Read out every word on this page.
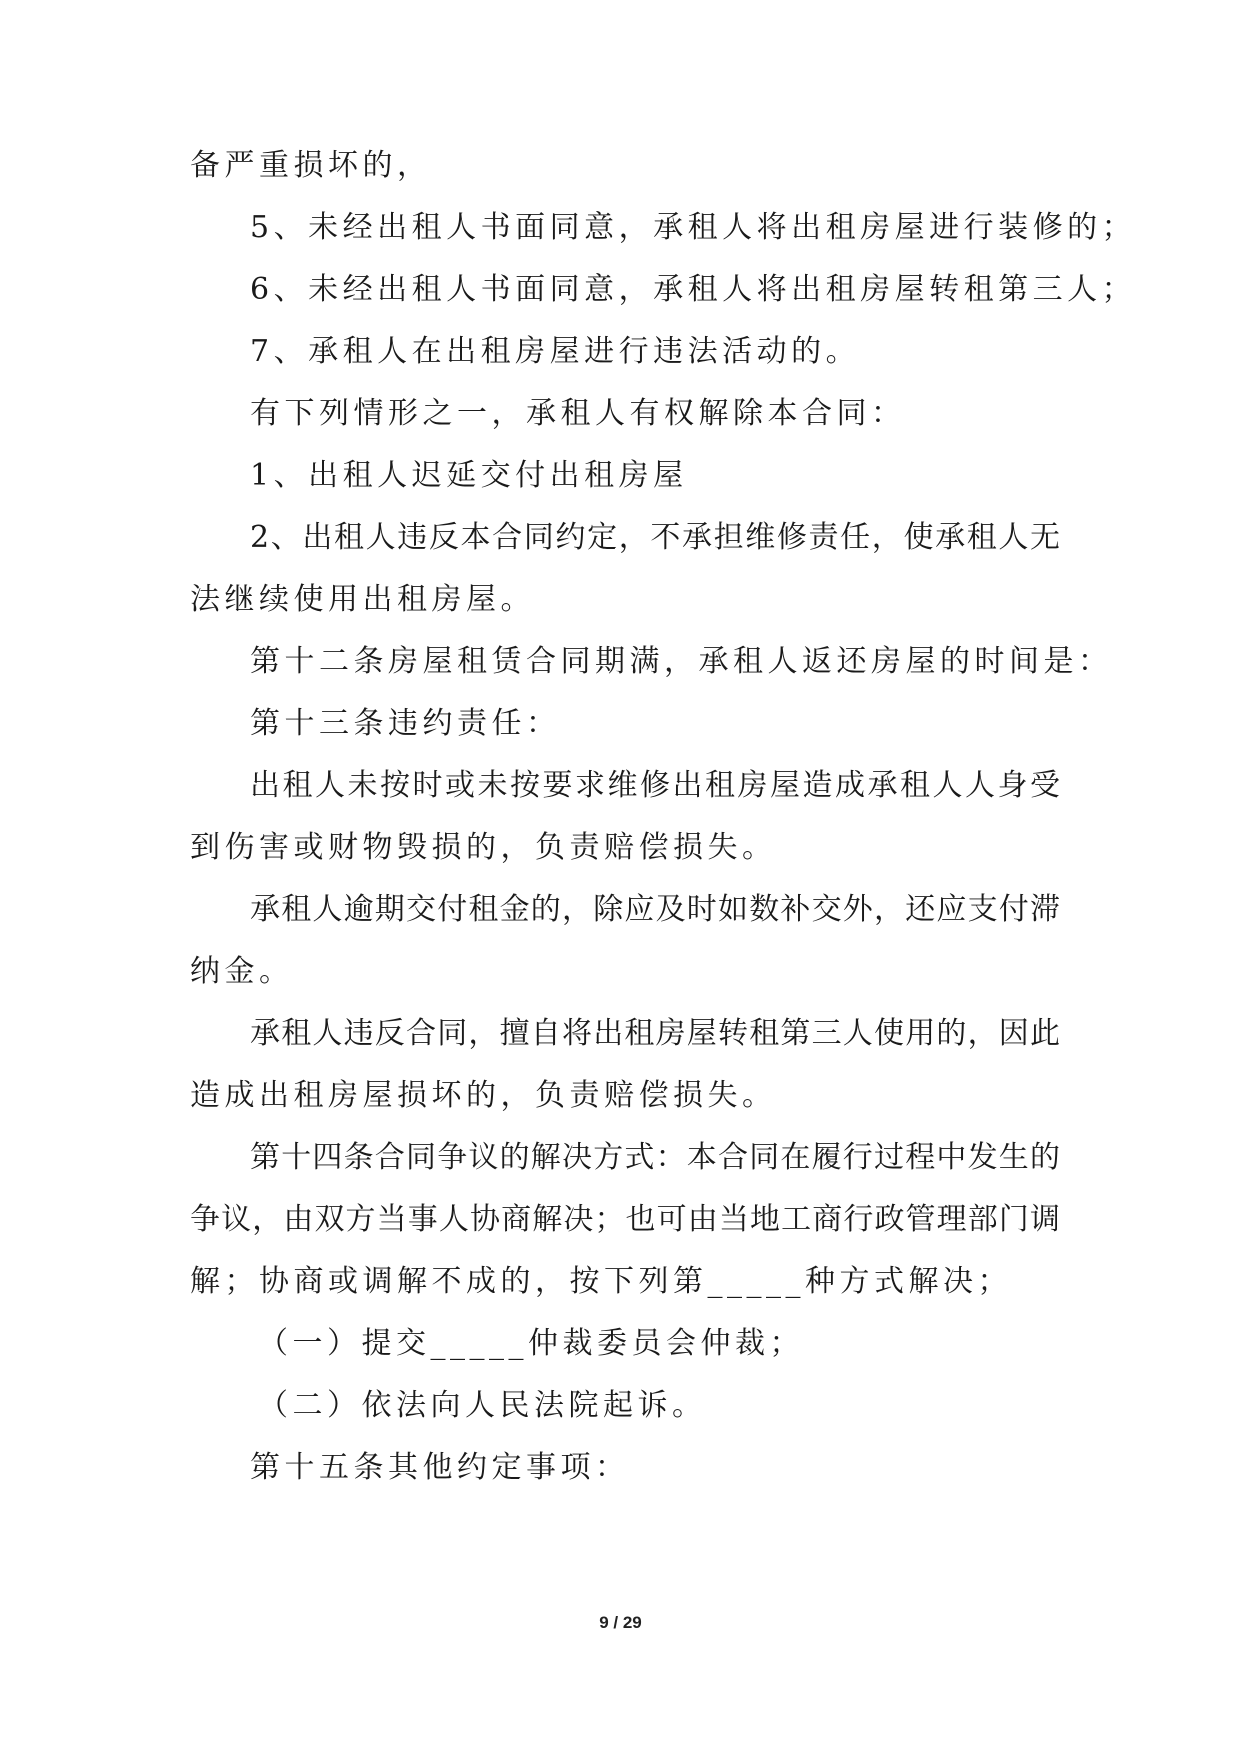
备严重损坏的，
5、未经出租人书面同意，承租人将出租房屋进行装修的；
6、未经出租人书面同意，承租人将出租房屋转租第三人；
7、承租人在出租房屋进行违法活动的。
有下列情形之一，承租人有权解除本合同：
1、出租人迟延交付出租房屋
2、出租人违反本合同约定，不承担维修责任，使承租人无
法继续使用出租房屋。
第十二条房屋租赁合同期满，承租人返还房屋的时间是：
第十三条违约责任：
出租人未按时或未按要求维修出租房屋造成承租人人身受
到伤害或财物毁损的，负责赔偿损失。
承租人逾期交付租金的，除应及时如数补交外，还应支付滞
纳金。
承租人违反合同，擅自将出租房屋转租第三人使用的，因此
造成出租房屋损坏的，负责赔偿损失。
第十四条合同争议的解决方式：本合同在履行过程中发生的
争议，由双方当事人协商解决；也可由当地工商行政管理部门调
解；协商或调解不成的，按下列第_____种方式解决；
（一）提交_____仲裁委员会仲裁；
（二）依法向人民法院起诉。
第十五条其他约定事项：
9 / 29
